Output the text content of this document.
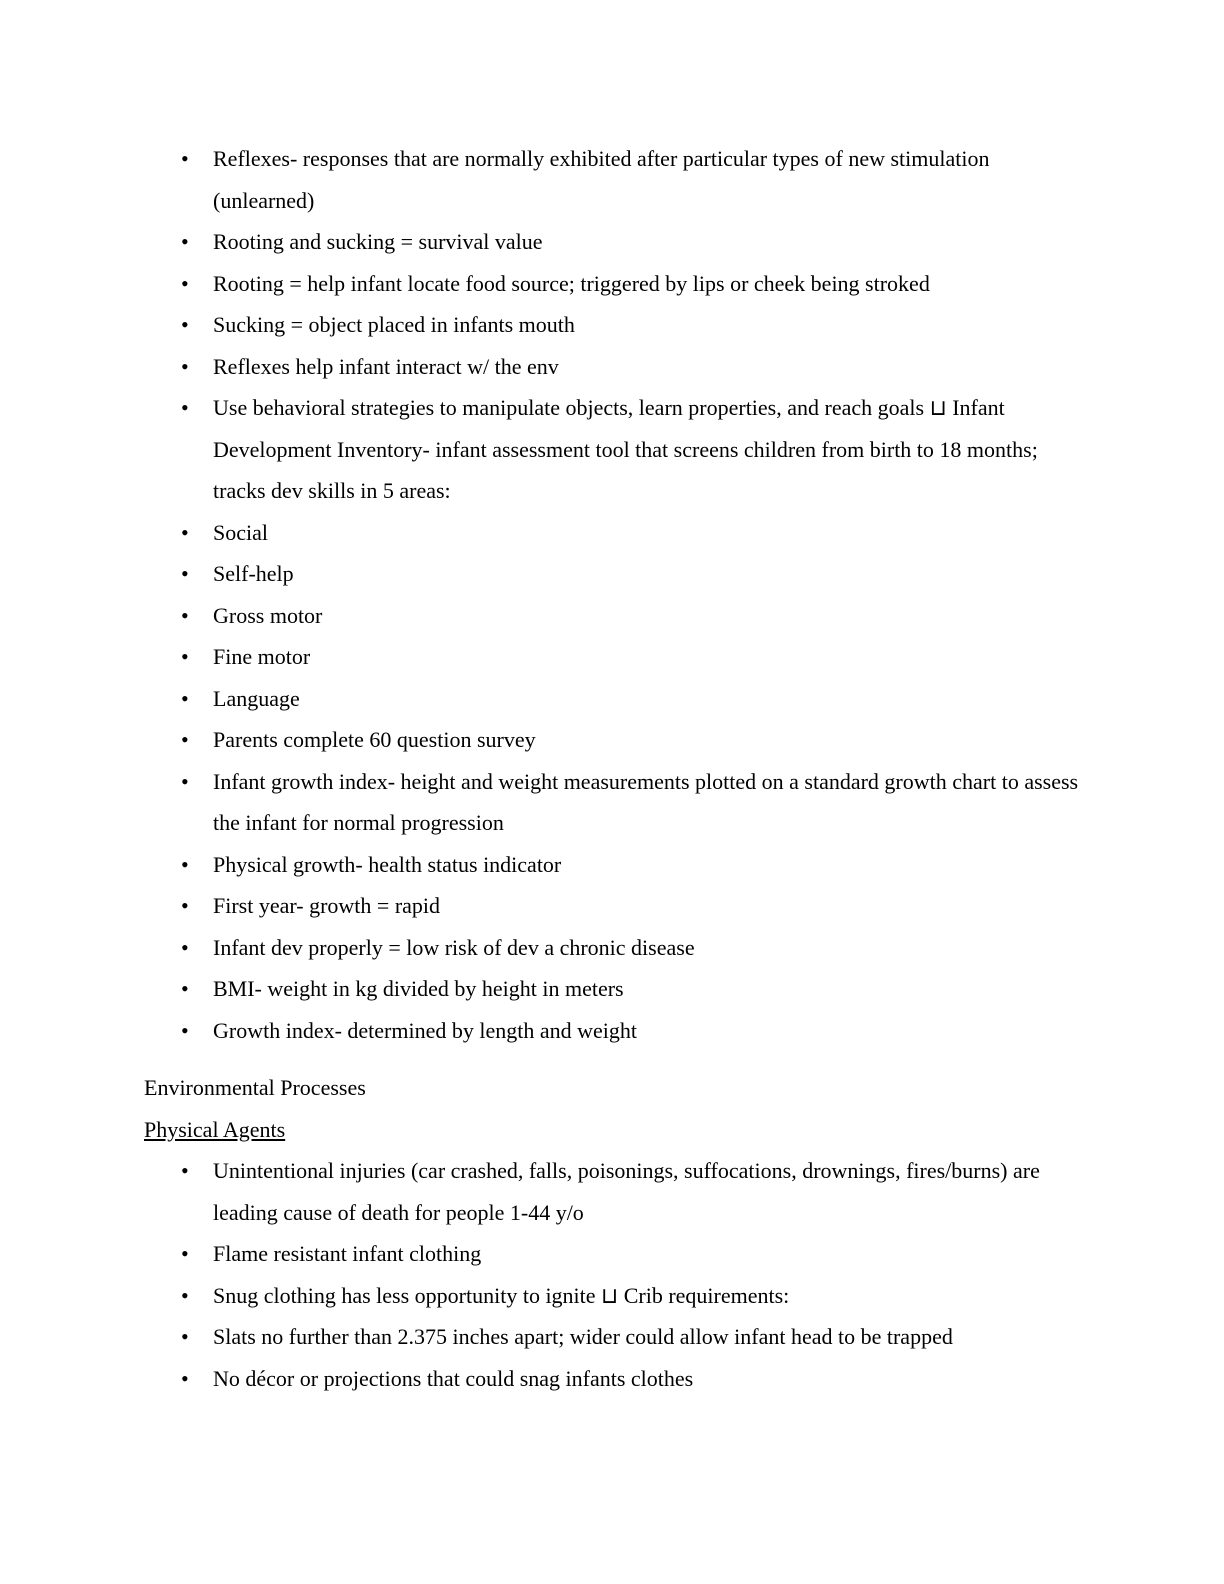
• Reflexes- responses that are normally exhibited after particular types of new stimulation (unlearned)
• Rooting and sucking = survival value
• Rooting = help infant locate food source; triggered by lips or cheek being stroked
• Sucking = object placed in infants mouth
• Reflexes help infant interact w/ the env
• Use behavioral strategies to manipulate objects, learn properties, and reach goals ⊔ Infant Development Inventory- infant assessment tool that screens children from birth to 18 months; tracks dev skills in 5 areas:
• Social
• Self-help
• Gross motor
• Fine motor
• Language
• Parents complete 60 question survey
• Infant growth index- height and weight measurements plotted on a standard growth chart to assess the infant for normal progression
• Physical growth- health status indicator
• First year- growth = rapid
• Infant dev properly = low risk of dev a chronic disease
• BMI- weight in kg divided by height in meters
• Growth index- determined by length and weight
Environmental Processes
Physical Agents
• Unintentional injuries (car crashed, falls, poisonings, suffocations, drownings, fires/burns) are leading cause of death for people 1-44 y/o
• Flame resistant infant clothing
• Snug clothing has less opportunity to ignite ⊔ Crib requirements:
• Slats no further than 2.375 inches apart; wider could allow infant head to be trapped
• No décor or projections that could snag infants clothes
